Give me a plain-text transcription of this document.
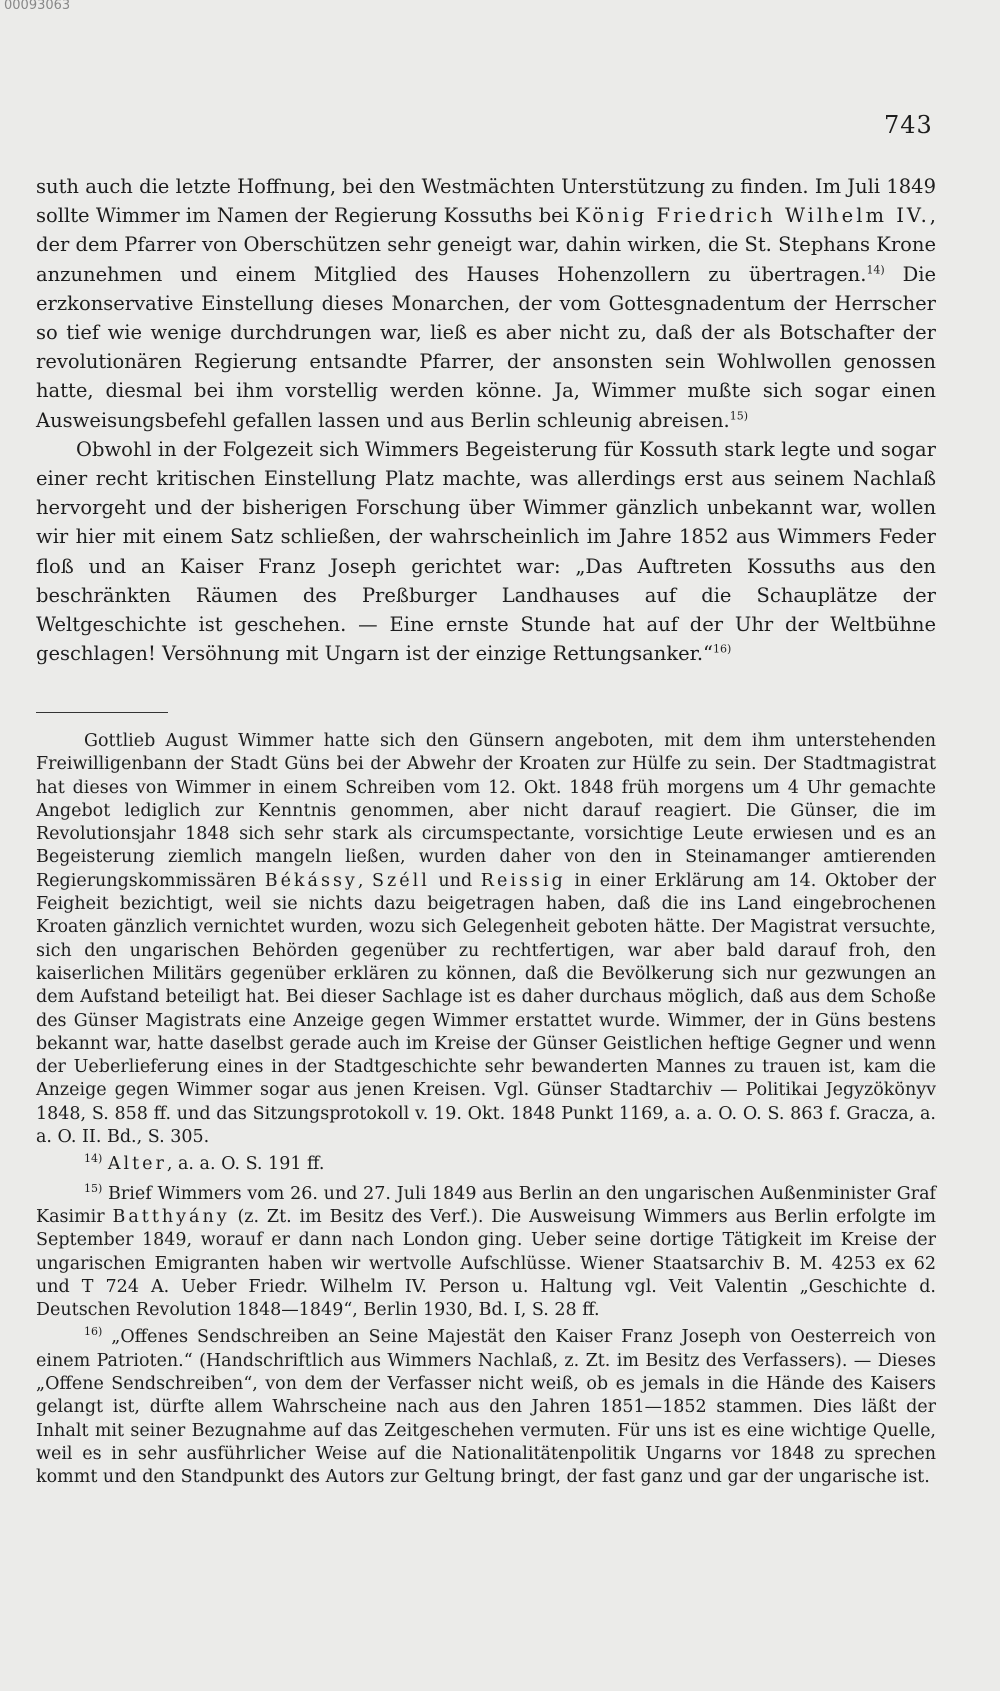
00093063
743

suth auch die letzte Hoffnung, bei den Westmächten Unterstützung zu finden. Im Juli 1849 sollte Wimmer im Namen der Regierung Kossuths bei König Friedrich Wilhelm IV., der dem Pfarrer von Oberschützen sehr geneigt war, dahin wirken, die St. Stephans Krone anzunehmen und einem Mitglied des Hauses Hohenzollern zu übertragen.$^{14)}$ Die erzkonservative Einstellung dieses Monarchen, der vom Gottesgnadentum der Herrscher so tief wie wenige durchdrungen war, ließ es aber nicht zu, daß der als Botschafter der revolutionären Regierung entsandte Pfarrer, der ansonsten sein Wohlwollen genossen hatte, diesmal bei ihm vorstellig werden könne. Ja, Wimmer mußte sich sogar einen Ausweisungsbefehl gefallen lassen und aus Berlin schleunig abreisen.$^{15)}$

Obwohl in der Folgezeit sich Wimmers Begeisterung für Kossuth stark legte und sogar einer recht kritischen Einstellung Platz machte, was allerdings erst aus seinem Nachlaß hervorgeht und der bisherigen Forschung über Wimmer gänzlich unbekannt war, wollen wir hier mit einem Satz schließen, der wahrscheinlich im Jahre 1852 aus Wimmers Feder floß und an Kaiser Franz Joseph gerichtet war: „Das Auftreten Kossuths aus den beschränkten Räumen des Preßburger Landhauses auf die Schauplätze der Weltgeschichte ist geschehen. — Eine ernste Stunde hat auf der Uhr der Weltbühne geschlagen! Versöhnung mit Ungarn ist der einzige Rettungsanker.“$^{16)}$

Gottlieb August Wimmer hatte sich den Günsern angeboten, mit dem ihm unterstehenden Freiwilligenbann der Stadt Güns bei der Abwehr der Kroaten zur Hülfe zu sein. Der Stadtmagistrat hat dieses von Wimmer in einem Schreiben vom 12. Okt. 1848 früh morgens um 4 Uhr gemachte Angebot lediglich zur Kenntnis genommen, aber nicht darauf reagiert. Die Günser, die im Revolutionsjahr 1848 sich sehr stark als circumspectante, vorsichtige Leute erwiesen und es an Begeisterung ziemlich mangeln ließen, wurden daher von den in Steinamanger amtierenden Regierungskommissären Békássy, Széll und Reissig in einer Erklärung am 14. Oktober der Feigheit bezichtigt, weil sie nichts dazu beigetragen haben, daß die ins Land eingebrochenen Kroaten gänzlich vernichtet wurden, wozu sich Gelegenheit geboten hätte. Der Magistrat versuchte, sich den ungarischen Behörden gegenüber zu rechtfertigen, war aber bald darauf froh, den kaiserlichen Militärs gegenüber erklären zu können, daß die Bevölkerung sich nur gezwungen an dem Aufstand beteiligt hat. Bei dieser Sachlage ist es daher durchaus möglich, daß aus dem Schoße des Günser Magistrats eine Anzeige gegen Wimmer erstattet wurde. Wimmer, der in Güns bestens bekannt war, hatte daselbst gerade auch im Kreise der Günser Geistlichen heftige Gegner und wenn der Ueberlieferung eines in der Stadtgeschichte sehr bewanderten Mannes zu trauen ist, kam die Anzeige gegen Wimmer sogar aus jenen Kreisen. Vgl. Günser Stadtarchiv — Politikai Jegyzökönyv 1848, S. 858 ff. und das Sitzungsprotokoll v. 19. Okt. 1848 Punkt 1169, a. a. O. O. S. 863 f. Gracza, a. a. O. II. Bd., S. 305.

$^{14)}$ Alter, a. a. O. S. 191 ff.

$^{15)}$ Brief Wimmers vom 26. und 27. Juli 1849 aus Berlin an den ungarischen Außenminister Graf Kasimir Batthyány (z. Zt. im Besitz des Verf.). Die Ausweisung Wimmers aus Berlin erfolgte im September 1849, worauf er dann nach London ging. Ueber seine dortige Tätigkeit im Kreise der ungarischen Emigranten haben wir wertvolle Aufschlüsse. Wiener Staatsarchiv B. M. 4253 ex 62 und T 724 A. Ueber Friedr. Wilhelm IV. Person u. Haltung vgl. Veit Valentin „Geschichte d. Deutschen Revolution 1848—1849“, Berlin 1930, Bd. I, S. 28 ff.

$^{16)}$ „Offenes Sendschreiben an Seine Majestät den Kaiser Franz Joseph von Oesterreich von einem Patrioten.“ (Handschriftlich aus Wimmers Nachlaß, z. Zt. im Besitz des Verfassers). — Dieses „Offene Sendschreiben“, von dem der Verfasser nicht weiß, ob es jemals in die Hände des Kaisers gelangt ist, dürfte allem Wahrscheine nach aus den Jahren 1851—1852 stammen. Dies läßt der Inhalt mit seiner Bezugnahme auf das Zeitgeschehen vermuten. Für uns ist es eine wichtige Quelle, weil es in sehr ausführlicher Weise auf die Nationalitätenpolitik Ungarns vor 1848 zu sprechen kommt und den Standpunkt des Autors zur Geltung bringt, der fast ganz und gar der ungarische ist.
